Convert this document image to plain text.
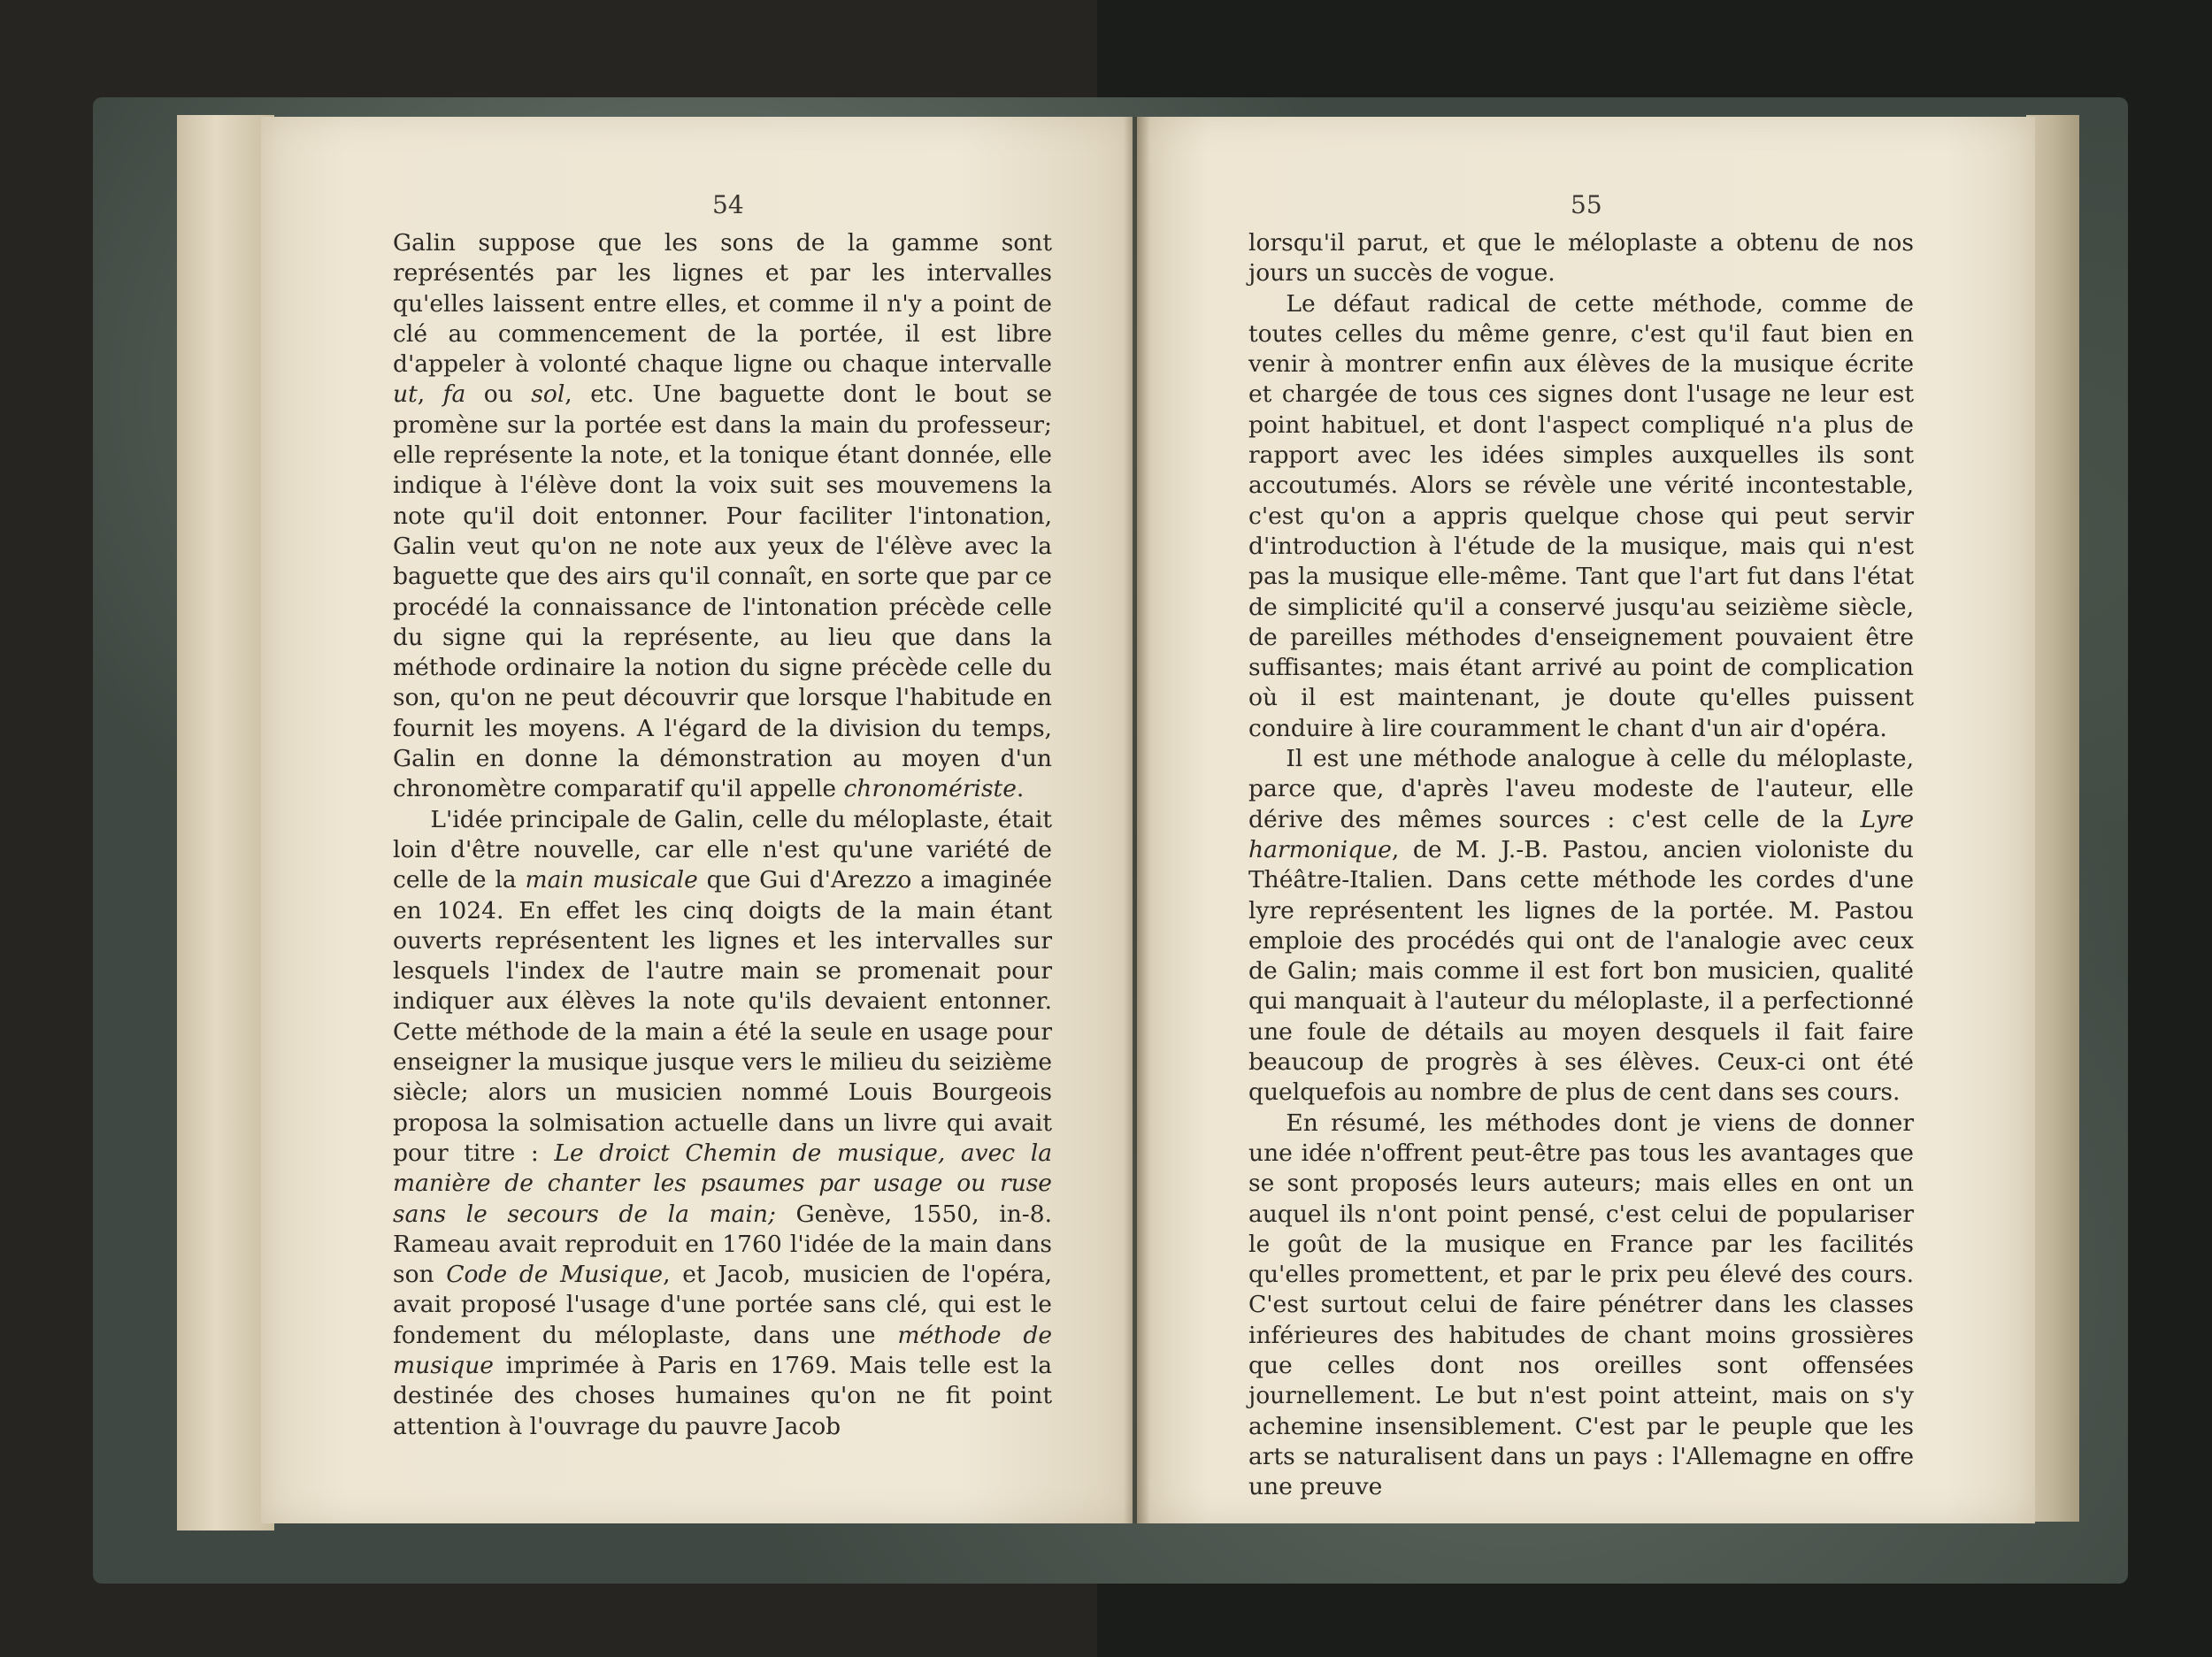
54

Galin suppose que les sons de la gamme sont représentés par les lignes et par les intervalles qu'elles laissent entre elles, et comme il n'y a point de clé au commencement de la portée, il est libre d'appeler à volonté chaque ligne ou chaque intervalle ut, fa ou sol, etc. Une baguette dont le bout se promène sur la portée est dans la main du professeur; elle représente la note, et la tonique étant donnée, elle indique à l'élève dont la voix suit ses mouvemens la note qu'il doit entonner. Pour faciliter l'intonation, Galin veut qu'on ne note aux yeux de l'élève avec la baguette que des airs qu'il connaît, en sorte que par ce procédé la connaissance de l'intonation précède celle du signe qui la représente, au lieu que dans la méthode ordinaire la notion du signe précède celle du son, qu'on ne peut découvrir que lorsque l'habitude en fournit les moyens. A l'égard de la division du temps, Galin en donne la démonstration au moyen d'un chronomètre comparatif qu'il appelle chronoméristе.

L'idée principale de Galin, celle du méloplaste, était loin d'être nouvelle, car elle n'est qu'une variété de celle de la main musicale que Gui d'Arezzo a imaginée en 1024. En effet les cinq doigts de la main étant ouverts représentent les lignes et les intervalles sur lesquels l'index de l'autre main se promenait pour indiquer aux élèves la note qu'ils devaient entonner. Cette méthode de la main a été la seule en usage pour enseigner la musique jusque vers le milieu du seizième siècle; alors un musicien nommé Louis Bourgeois proposa la solmisation actuelle dans un livre qui avait pour titre : Le droict Chemin de musique, avec la manière de chanter les psaumes par usage ou ruse sans le secours de la main; Genève, 1550, in-8. Rameau avait reproduit en 1760 l'idée de la main dans son Code de Musique, et Jacob, musicien de l'opéra, avait proposé l'usage d'une portée sans clé, qui est le fondement du méloplaste, dans une méthode de musique imprimée à Paris en 1769. Mais telle est la destinée des choses humaines qu'on ne fit point attention à l'ouvrage du pauvre Jacob

55

lorsqu'il parut, et que le méloplaste a obtenu de nos jours un succès de vogue.

Le défaut radical de cette méthode, comme de toutes celles du même genre, c'est qu'il faut bien en venir à montrer enfin aux élèves de la musique écrite et chargée de tous ces signes dont l'usage ne leur est point habituel, et dont l'aspect compliqué n'a plus de rapport avec les idées simples auxquelles ils sont accoutumés. Alors se révèle une vérité incontestable, c'est qu'on a appris quelque chose qui peut servir d'introduction à l'étude de la musique, mais qui n'est pas la musique elle-même. Tant que l'art fut dans l'état de simplicité qu'il a conservé jusqu'au seizième siècle, de pareilles méthodes d'enseignement pouvaient être suffisantes; mais étant arrivé au point de complication où il est maintenant, je doute qu'elles puissent conduire à lire couramment le chant d'un air d'opéra.

Il est une méthode analogue à celle du méloplaste, parce que, d'après l'aveu modeste de l'auteur, elle dérive des mêmes sources : c'est celle de la Lyre harmonique, de M. J.-B. Pastou, ancien violoniste du Théâtre-Italien. Dans cette méthode les cordes d'une lyre représentent les lignes de la portée. M. Pastou emploie des procédés qui ont de l'analogie avec ceux de Galin; mais comme il est fort bon musicien, qualité qui manquait à l'auteur du méloplaste, il a perfectionné une foule de détails au moyen desquels il fait faire beaucoup de progrès à ses élèves. Ceux-ci ont été quelquefois au nombre de plus de cent dans ses cours.

En résumé, les méthodes dont je viens de donner une idée n'offrent peut-être pas tous les avantages que se sont proposés leurs auteurs; mais elles en ont un auquel ils n'ont point pensé, c'est celui de populariser le goût de la musique en France par les facilités qu'elles promettent, et par le prix peu élevé des cours. C'est surtout celui de faire pénétrer dans les classes inférieures des habitudes de chant moins grossières que celles dont nos oreilles sont offensées journellement. Le but n'est point atteint, mais on s'y achemine insensiblement. C'est par le peuple que les arts se naturalisent dans un pays : l'Allemagne en offre une preuve
